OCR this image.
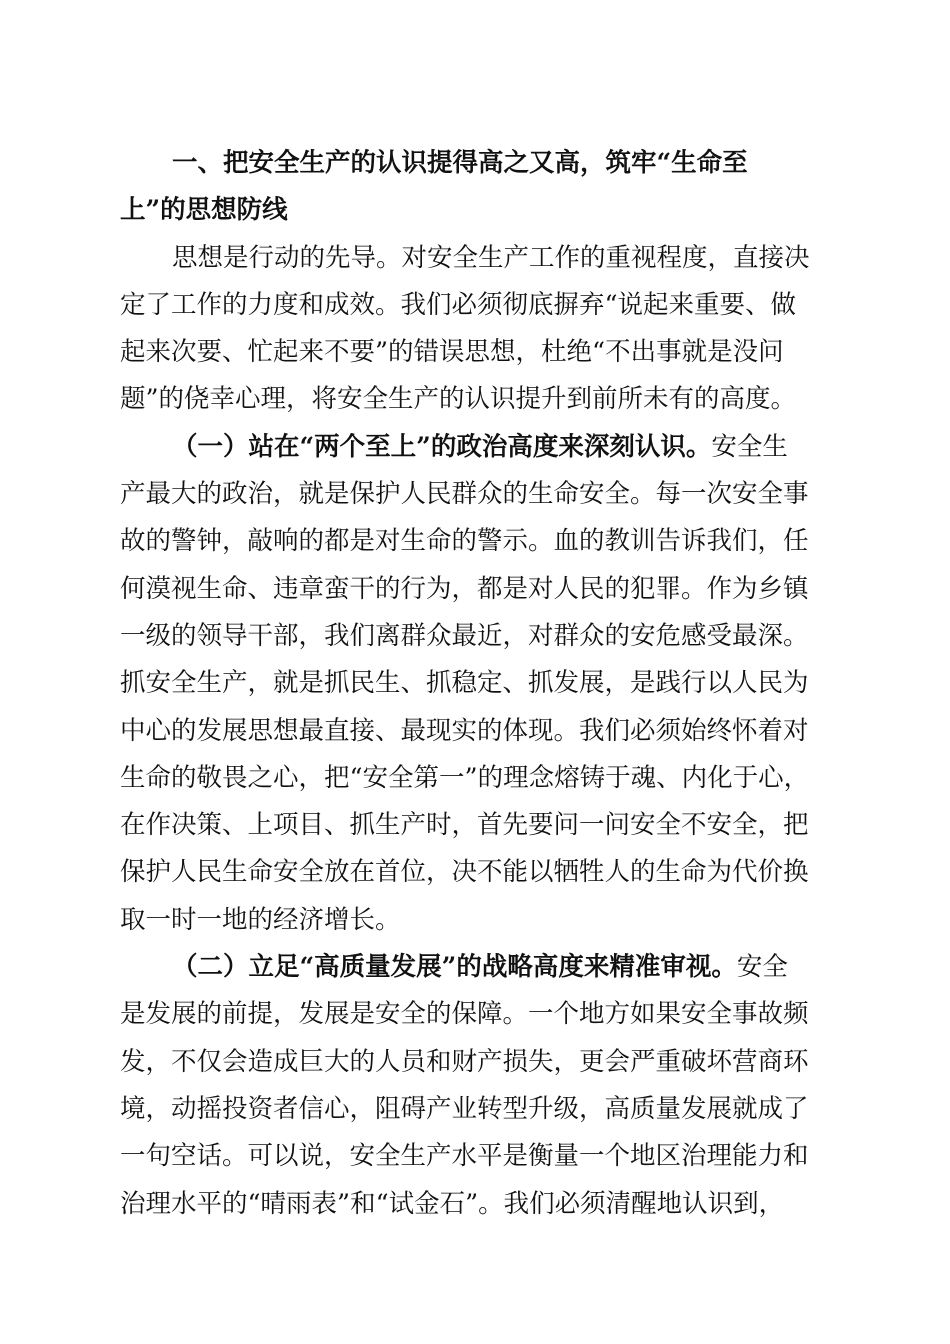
一、把安全生产的认识提得高之又高，筑牢“生命至
上”的思想防线
思想是行动的先导。对安全生产工作的重视程度，直接决
定了工作的力度和成效。我们必须彻底摒弃“说起来重要、做
起来次要、忙起来不要”的错误思想，杜绝“不出事就是没问
题”的侥幸心理，将安全生产的认识提升到前所未有的高度。
（一）站在“两个至上”的政治高度来深刻认识。安全生
产最大的政治，就是保护人民群众的生命安全。每一次安全事
故的警钟，敲响的都是对生命的警示。血的教训告诉我们，任
何漠视生命、违章蛮干的行为，都是对人民的犯罪。作为乡镇
一级的领导干部，我们离群众最近，对群众的安危感受最深。
抓安全生产，就是抓民生、抓稳定、抓发展，是践行以人民为
中心的发展思想最直接、最现实的体现。我们必须始终怀着对
生命的敬畏之心，把“安全第一”的理念熔铸于魂、内化于心，
在作决策、上项目、抓生产时，首先要问一问安全不安全，把
保护人民生命安全放在首位，决不能以牺牲人的生命为代价换
取一时一地的经济增长。
（二）立足“高质量发展”的战略高度来精准审视。安全
是发展的前提，发展是安全的保障。一个地方如果安全事故频
发，不仅会造成巨大的人员和财产损失，更会严重破坏营商环
境，动摇投资者信心，阻碍产业转型升级，高质量发展就成了
一句空话。可以说，安全生产水平是衡量一个地区治理能力和
治理水平的“晴雨表”和“试金石”。我们必须清醒地认识到，
